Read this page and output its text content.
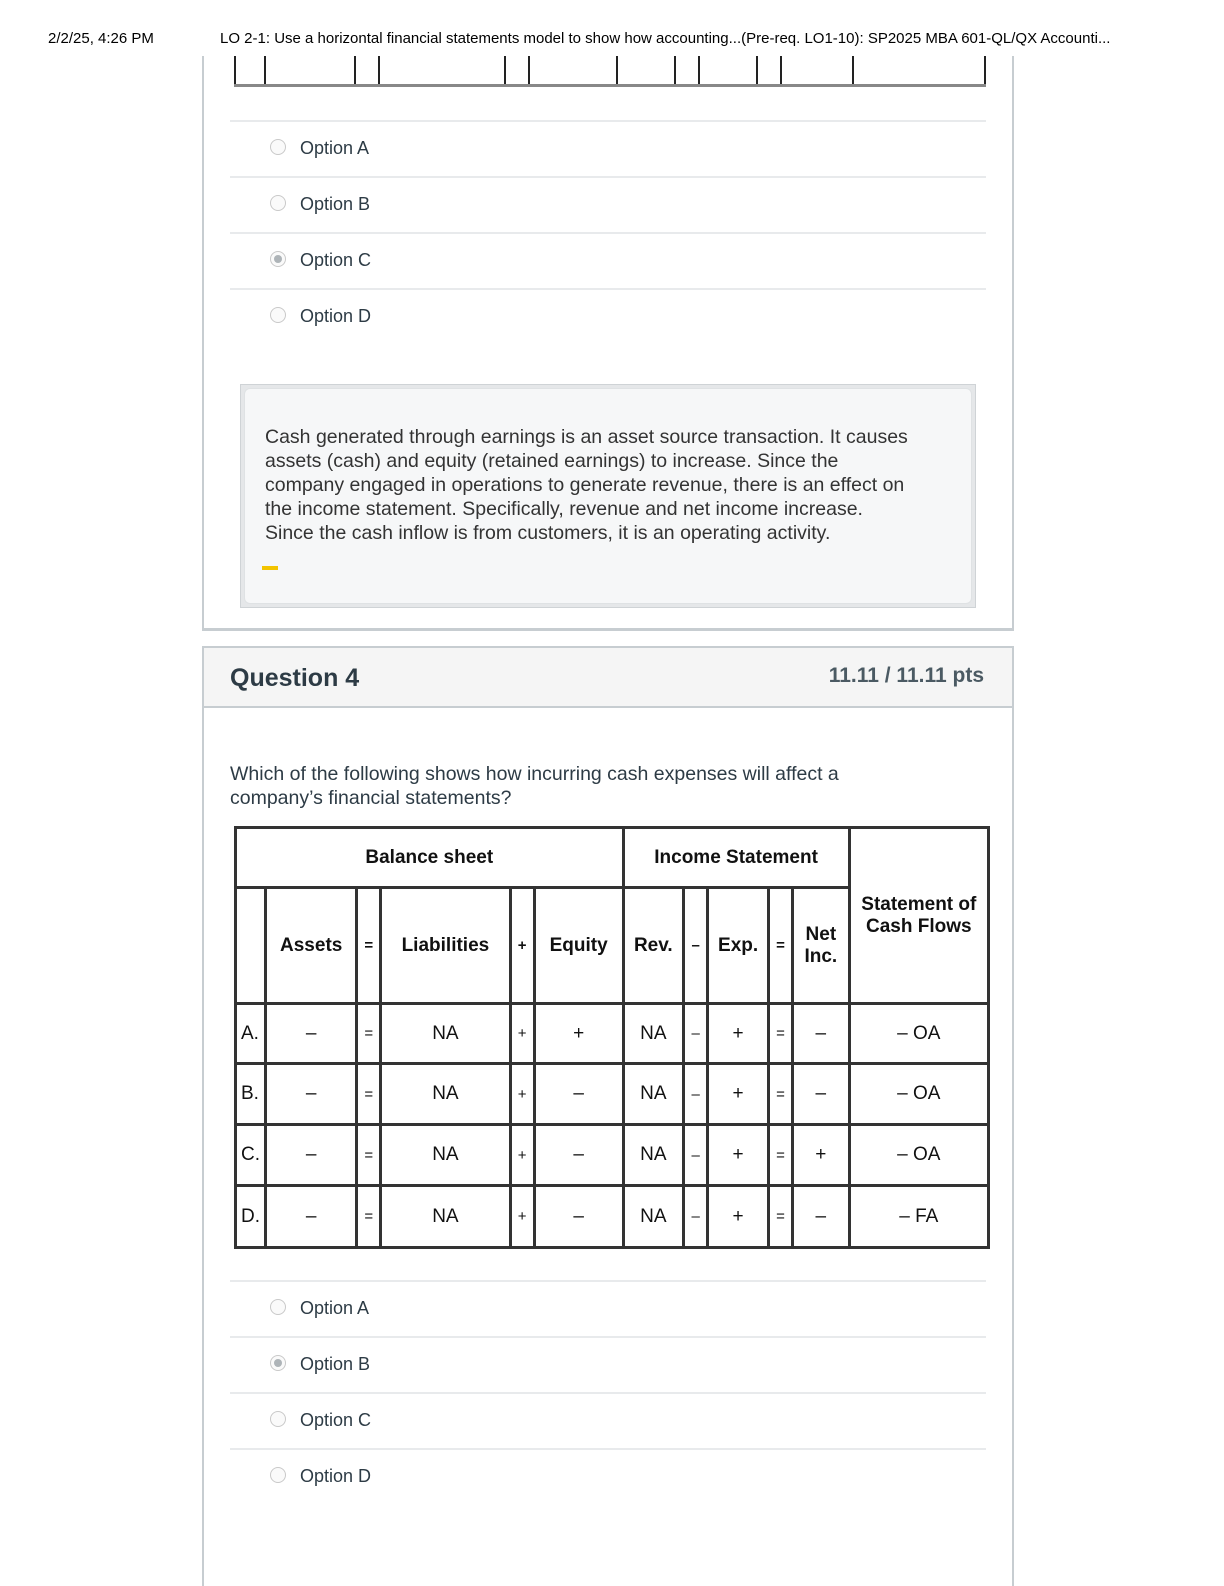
2/2/25, 4:26 PM	LO 2-1: Use a horizontal financial statements model to show how accounting...(Pre-req. LO1-10): SP2025 MBA 601-QL/QX Accounti...
Option A
Option B
Option C
Option D
Cash generated through earnings is an asset source transaction. It causes assets (cash) and equity (retained earnings) to increase. Since the company engaged in operations to generate revenue, there is an effect on the income statement. Specifically, revenue and net income increase. Since the cash inflow is from customers, it is an operating activity.
Question 4	11.11 / 11.11 pts
Which of the following shows how incurring cash expenses will affect a company’s financial statements?
Balance sheet						Income Statement					Statement of Cash Flows
	Assets	=	Liabilities	+	Equity	Rev.	–	Exp.	=	Net Inc.	
A.	–	=	NA	+	+	NA	–	+	=	–	– OA
B.	–	=	NA	+	–	NA	–	+	=	–	– OA
C.	–	=	NA	+	–	NA	–	+	=	+	– OA
D.	–	=	NA	+	–	NA	–	+	=	–	– FA
Option A
Option B
Option C
Option D
